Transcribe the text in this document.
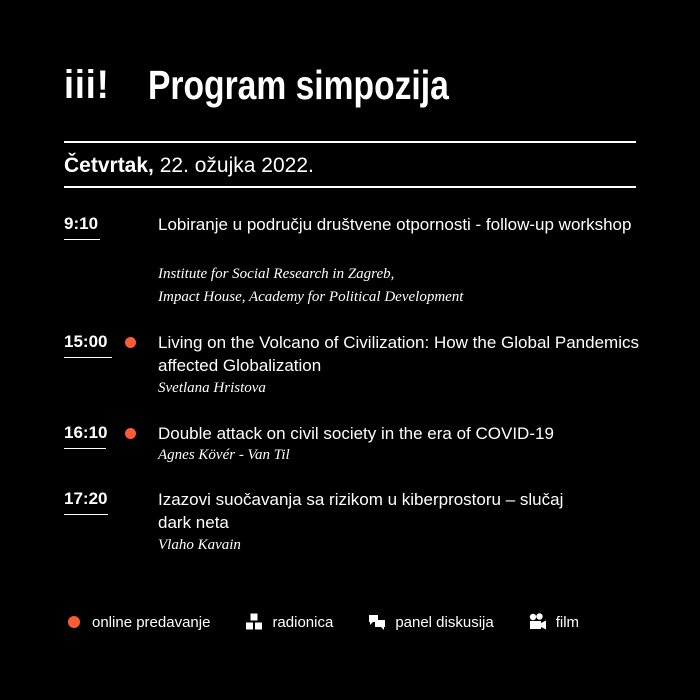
iii! Program simpozija
Četvrtak, 22. ožujka 2022.
9:10	Lobiranje u području društvene otpornosti - follow-up workshop
Institute for Social Research in Zagreb,
Impact House, Academy for Political Development
15:00	Living on the Volcano of Civilization: How the Global Pandemics affected Globalization
Svetlana Hristova
16:10	Double attack on civil society in the era of COVID-19
Agnes Kövér - Van Til
17:20	Izazovi suočavanja sa rizikom u kiberprostoru – slučaj dark neta
Vlaho Kavain
online predavanje	radionica	panel diskusija	film
